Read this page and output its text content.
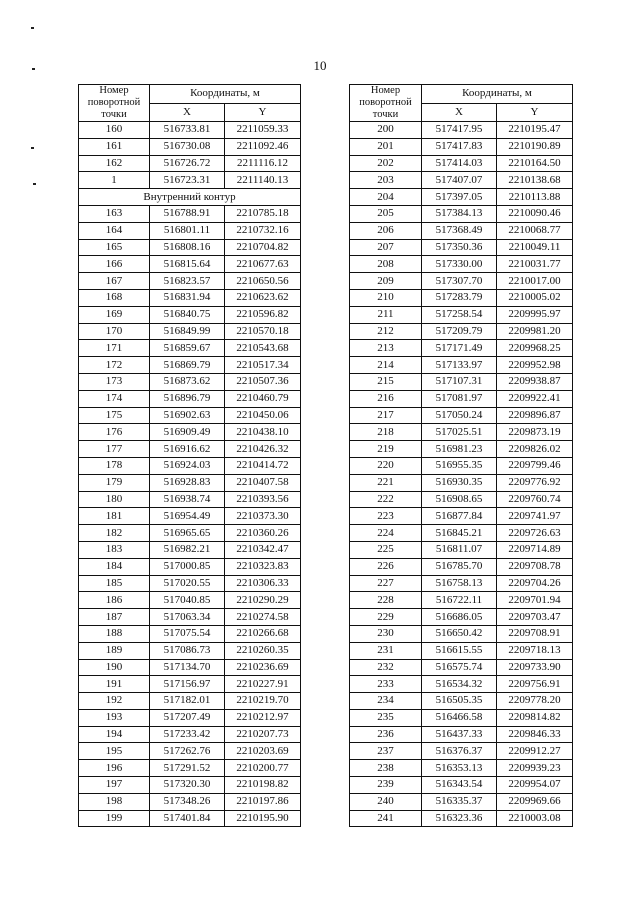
10
Номер
поворотной
точки	Координаты, м	
	X	Y
160	516733.81	2211059.33
161	516730.08	2211092.46
162	516726.72	2211116.12
1	516723.31	2211140.13
Внутренний контур		
163	516788.91	2210785.18
164	516801.11	2210732.16
165	516808.16	2210704.82
166	516815.64	2210677.63
167	516823.57	2210650.56
168	516831.94	2210623.62
169	516840.75	2210596.82
170	516849.99	2210570.18
171	516859.67	2210543.68
172	516869.79	2210517.34
173	516873.62	2210507.36
174	516896.79	2210460.79
175	516902.63	2210450.06
176	516909.49	2210438.10
177	516916.62	2210426.32
178	516924.03	2210414.72
179	516928.83	2210407.58
180	516938.74	2210393.56
181	516954.49	2210373.30
182	516965.65	2210360.26
183	516982.21	2210342.47
184	517000.85	2210323.83
185	517020.55	2210306.33
186	517040.85	2210290.29
187	517063.34	2210274.58
188	517075.54	2210266.68
189	517086.73	2210260.35
190	517134.70	2210236.69
191	517156.97	2210227.91
192	517182.01	2210219.70
193	517207.49	2210212.97
194	517233.42	2210207.73
195	517262.76	2210203.69
196	517291.52	2210200.77
197	517320.30	2210198.82
198	517348.26	2210197.86
199	517401.84	2210195.90
Номер
поворотной
точки	Координаты, м	
	X	Y
200	517417.95	2210195.47
201	517417.83	2210190.89
202	517414.03	2210164.50
203	517407.07	2210138.68
204	517397.05	2210113.88
205	517384.13	2210090.46
206	517368.49	2210068.77
207	517350.36	2210049.11
208	517330.00	2210031.77
209	517307.70	2210017.00
210	517283.79	2210005.02
211	517258.54	2209995.97
212	517209.79	2209981.20
213	517171.49	2209968.25
214	517133.97	2209952.98
215	517107.31	2209938.87
216	517081.97	2209922.41
217	517050.24	2209896.87
218	517025.51	2209873.19
219	516981.23	2209826.02
220	516955.35	2209799.46
221	516930.35	2209776.92
222	516908.65	2209760.74
223	516877.84	2209741.97
224	516845.21	2209726.63
225	516811.07	2209714.89
226	516785.70	2209708.78
227	516758.13	2209704.26
228	516722.11	2209701.94
229	516686.05	2209703.47
230	516650.42	2209708.91
231	516615.55	2209718.13
232	516575.74	2209733.90
233	516534.32	2209756.91
234	516505.35	2209778.20
235	516466.58	2209814.82
236	516437.33	2209846.33
237	516376.37	2209912.27
238	516353.13	2209939.23
239	516343.54	2209954.07
240	516335.37	2209969.66
241	516323.36	2210003.08
